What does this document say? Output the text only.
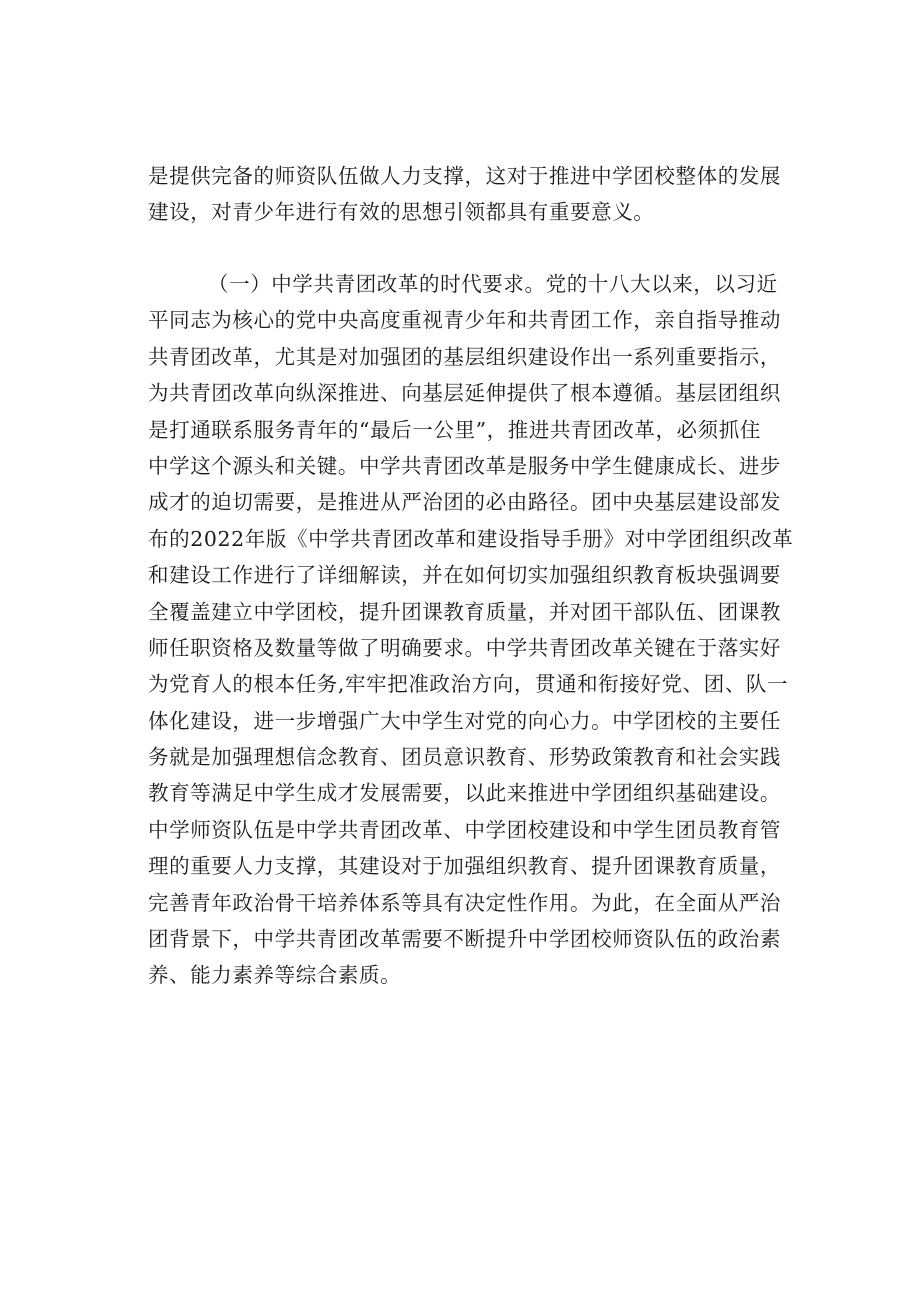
是提供完备的师资队伍做人力支撑，这对于推进中学团校整体的发展
建设，对青少年进行有效的思想引领都具有重要意义。
（一）中学共青团改革的时代要求。党的十八大以来，以习近
平同志为核心的党中央高度重视青少年和共青团工作，亲自指导推动
共青团改革，尤其是对加强团的基层组织建设作出一系列重要指示，
为共青团改革向纵深推进、向基层延伸提供了根本遵循。基层团组织
是打通联系服务青年的“最后一公里”，推进共青团改革，必须抓住
中学这个源头和关键。中学共青团改革是服务中学生健康成长、进步
成才的迫切需要，是推进从严治团的必由路径。团中央基层建设部发
布的2022年版《中学共青团改革和建设指导手册》对中学团组织改革
和建设工作进行了详细解读，并在如何切实加强组织教育板块强调要
全覆盖建立中学团校，提升团课教育质量，并对团干部队伍、团课教
师任职资格及数量等做了明确要求。中学共青团改革关键在于落实好
为党育人的根本任务,牢牢把准政治方向，贯通和衔接好党、团、队一
体化建设，进一步增强广大中学生对党的向心力。中学团校的主要任
务就是加强理想信念教育、团员意识教育、形势政策教育和社会实践
教育等满足中学生成才发展需要，以此来推进中学团组织基础建设。
中学师资队伍是中学共青团改革、中学团校建设和中学生团员教育管
理的重要人力支撑，其建设对于加强组织教育、提升团课教育质量，
完善青年政治骨干培养体系等具有决定性作用。为此，在全面从严治
团背景下，中学共青团改革需要不断提升中学团校师资队伍的政治素
养、能力素养等综合素质。
